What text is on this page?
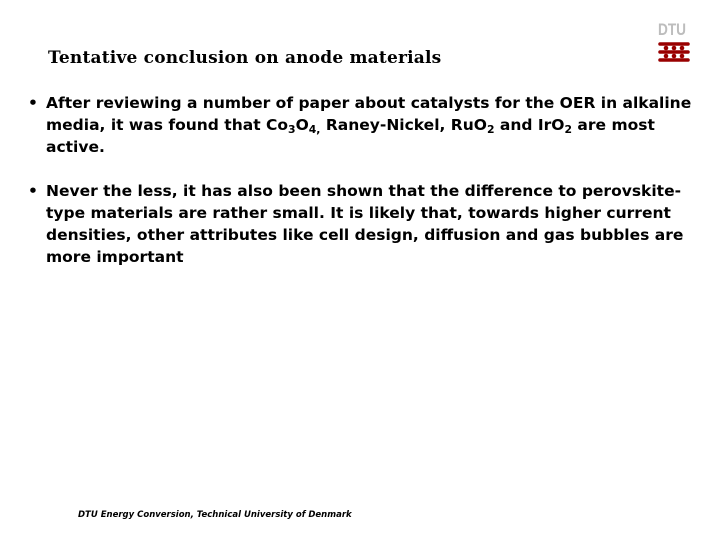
Tentative conclusion on anode materials
DTU
• After reviewing a number of paper about catalysts for the OER in alkaline media, it was found that $Co_3O_{4,}$ Raney-Nickel, RuO$_2$ and IrO$_2$ are most active.
• Never the less, it has also been shown that the difference to perovskite-type materials are rather small. It is likely that, towards higher current densities, other attributes like cell design, diffusion and gas bubbles are more important
DTU Energy Conversion, Technical University of Denmark
